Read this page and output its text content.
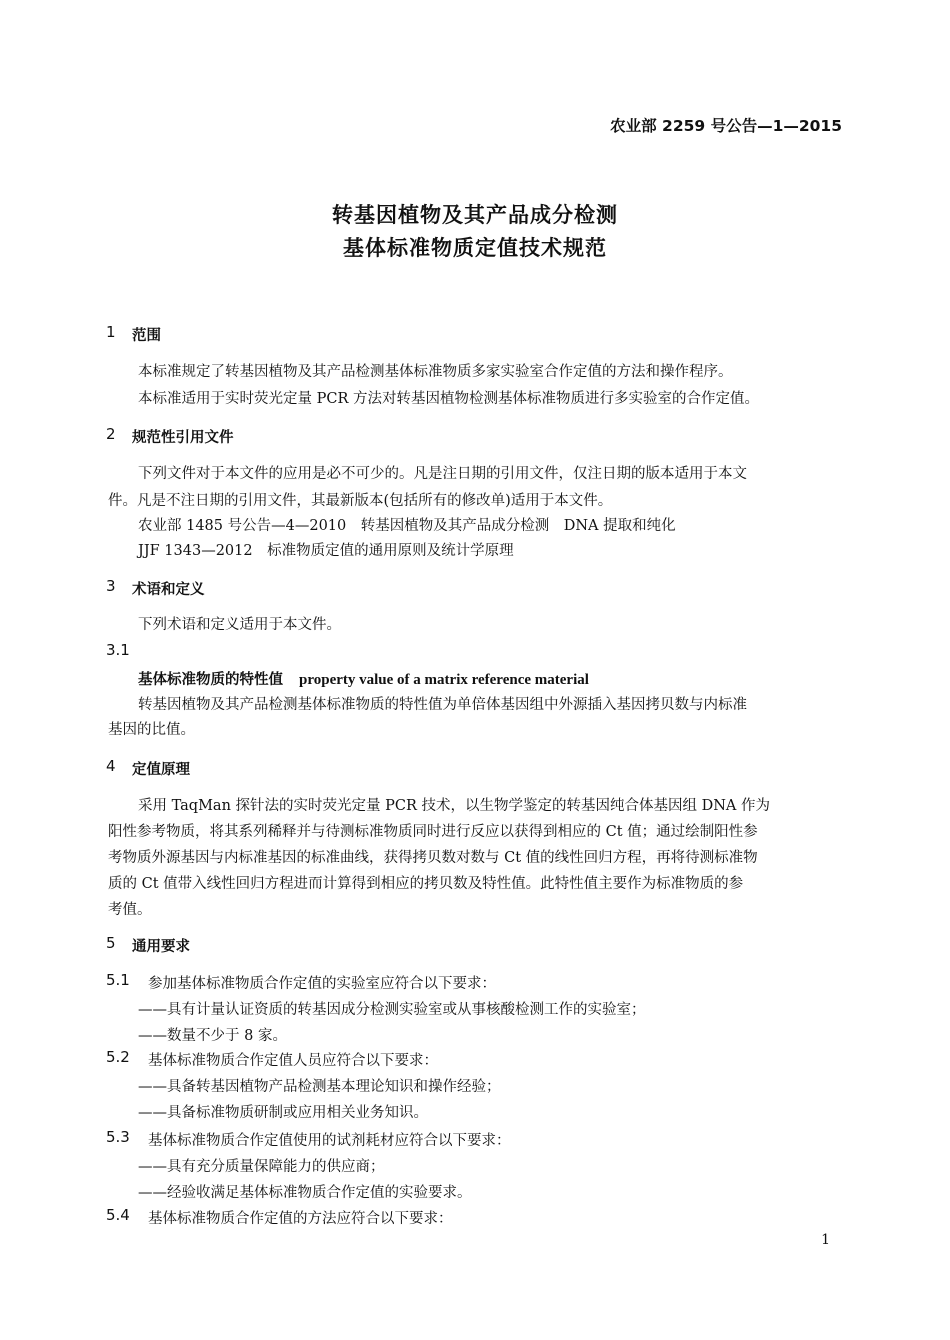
农业部 2259 号公告—1—2015
转基因植物及其产品成分检测
基体标准物质定值技术规范
1 范围
本标准规定了转基因植物及其产品检测基体标准物质多家实验室合作定值的方法和操作程序。
本标准适用于实时荧光定量 PCR 方法对转基因植物检测基体标准物质进行多实验室的合作定值。
2 规范性引用文件
下列文件对于本文件的应用是必不可少的。凡是注日期的引用文件，仅注日期的版本适用于本文
件。凡是不注日期的引用文件，其最新版本(包括所有的修改单)适用于本文件。
农业部 1485 号公告—4—2010　转基因植物及其产品成分检测　DNA 提取和纯化
JJF 1343—2012　标准物质定值的通用原则及统计学原理
3 术语和定义
下列术语和定义适用于本文件。
3.1
基体标准物质的特性值 property value of a matrix reference material
转基因植物及其产品检测基体标准物质的特性值为单倍体基因组中外源插入基因拷贝数与内标准
基因的比值。
4 定值原理
采用 TaqMan 探针法的实时荧光定量 PCR 技术，以生物学鉴定的转基因纯合体基因组 DNA 作为
阳性参考物质，将其系列稀释并与待测标准物质同时进行反应以获得到相应的 Ct 值；通过绘制阳性参
考物质外源基因与内标准基因的标准曲线，获得拷贝数对数与 Ct 值的线性回归方程，再将待测标准物
质的 Ct 值带入线性回归方程进而计算得到相应的拷贝数及特性值。此特性值主要作为标准物质的参
考值。
5 通用要求
5.1 参加基体标准物质合作定值的实验室应符合以下要求：
——具有计量认证资质的转基因成分检测实验室或从事核酸检测工作的实验室；
——数量不少于 8 家。
5.2 基体标准物质合作定值人员应符合以下要求：
——具备转基因植物产品检测基本理论知识和操作经验；
——具备标准物质研制或应用相关业务知识。
5.3 基体标准物质合作定值使用的试剂耗材应符合以下要求：
——具有充分质量保障能力的供应商；
——经验收满足基体标准物质合作定值的实验要求。
5.4 基体标准物质合作定值的方法应符合以下要求：
1
